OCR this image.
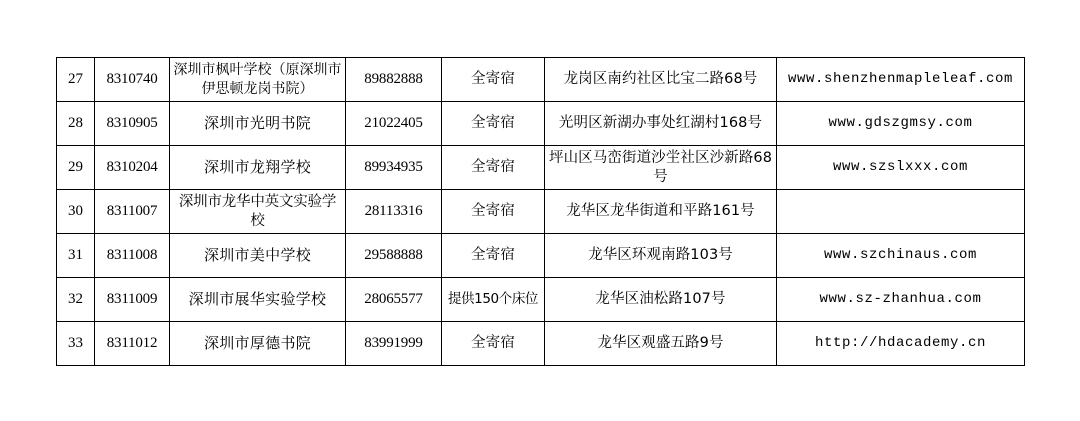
27	8310740	深圳市枫叶学校（原深圳市伊思顿龙岗书院）	89882888	全寄宿	龙岗区南约社区比宝二路68号	www.shenzhenmapleleaf.com
28	8310905	深圳市光明书院	21022405	全寄宿	光明区新湖办事处红湖村168号	www.gdszgmsy.com
29	8310204	深圳市龙翔学校	89934935	全寄宿	坪山区马峦街道沙坣社区沙新路68号	www.szslxxx.com
30	8311007	深圳市龙华中英文实验学校	28113316	全寄宿	龙华区龙华街道和平路161号	
31	8311008	深圳市美中学校	29588888	全寄宿	龙华区环观南路103号	www.szchinaus.com
32	8311009	深圳市展华实验学校	28065577	提供150个床位	龙华区油松路107号	www.sz-zhanhua.com
33	8311012	深圳市厚德书院	83991999	全寄宿	龙华区观盛五路9号	http://hdacademy.cn
